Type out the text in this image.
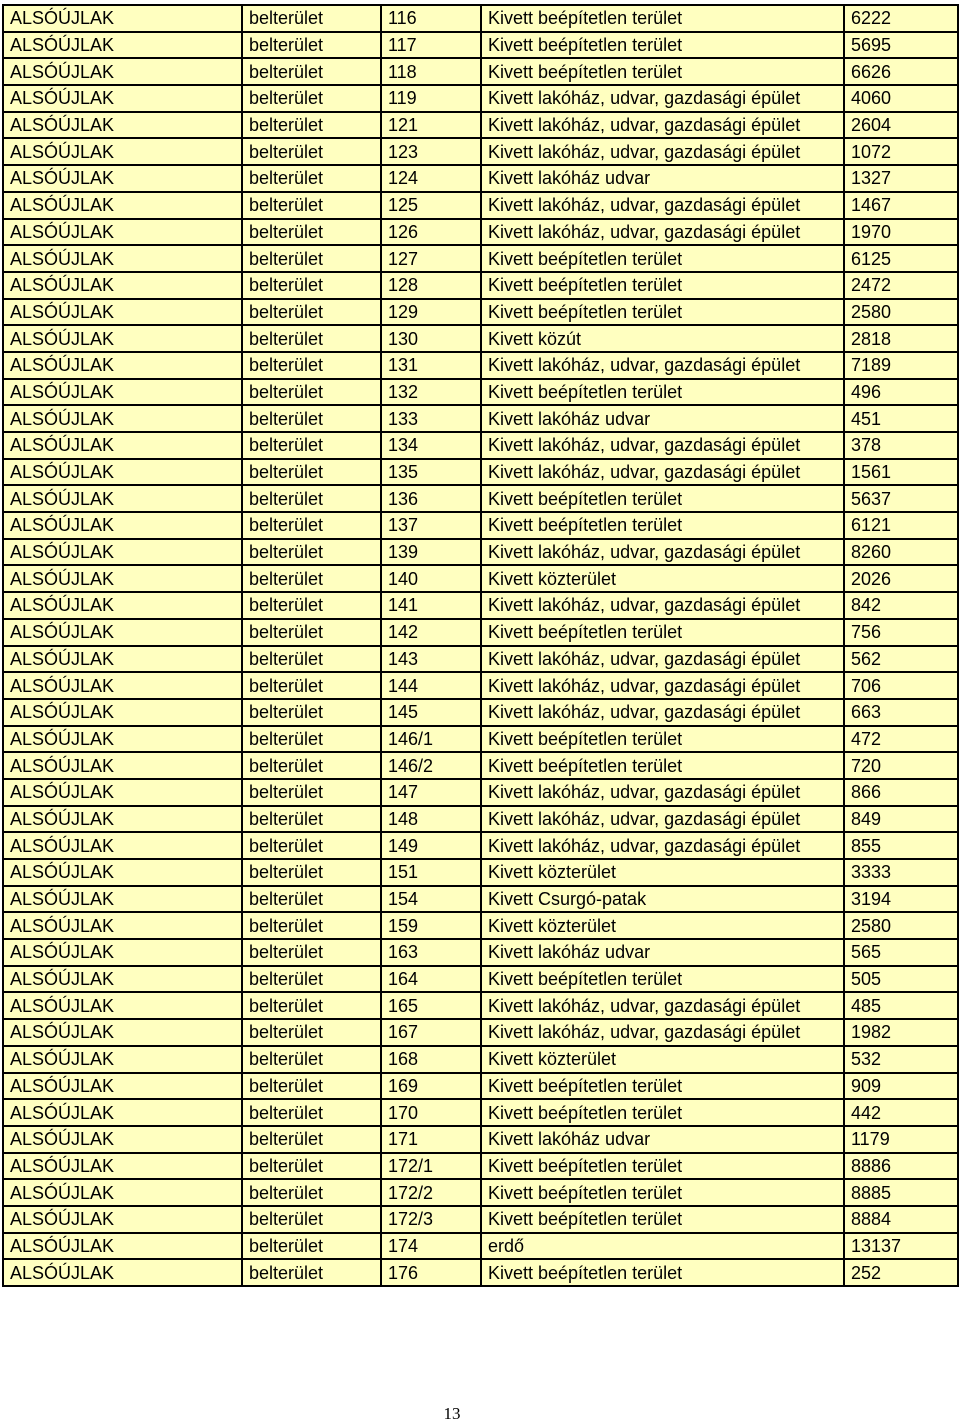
ALSÓÚJLAK	belterület	116	Kivett beépítetlen terület	6222
ALSÓÚJLAK	belterület	117	Kivett beépítetlen terület	5695
ALSÓÚJLAK	belterület	118	Kivett beépítetlen terület	6626
ALSÓÚJLAK	belterület	119	Kivett lakóház, udvar, gazdasági épület	4060
ALSÓÚJLAK	belterület	121	Kivett lakóház, udvar, gazdasági épület	2604
ALSÓÚJLAK	belterület	123	Kivett lakóház, udvar, gazdasági épület	1072
ALSÓÚJLAK	belterület	124	Kivett lakóház udvar	1327
ALSÓÚJLAK	belterület	125	Kivett lakóház, udvar, gazdasági épület	1467
ALSÓÚJLAK	belterület	126	Kivett lakóház, udvar, gazdasági épület	1970
ALSÓÚJLAK	belterület	127	Kivett beépítetlen terület	6125
ALSÓÚJLAK	belterület	128	Kivett beépítetlen terület	2472
ALSÓÚJLAK	belterület	129	Kivett beépítetlen terület	2580
ALSÓÚJLAK	belterület	130	Kivett közút	2818
ALSÓÚJLAK	belterület	131	Kivett lakóház, udvar, gazdasági épület	7189
ALSÓÚJLAK	belterület	132	Kivett beépítetlen terület	496
ALSÓÚJLAK	belterület	133	Kivett lakóház udvar	451
ALSÓÚJLAK	belterület	134	Kivett lakóház, udvar, gazdasági épület	378
ALSÓÚJLAK	belterület	135	Kivett lakóház, udvar, gazdasági épület	1561
ALSÓÚJLAK	belterület	136	Kivett beépítetlen terület	5637
ALSÓÚJLAK	belterület	137	Kivett beépítetlen terület	6121
ALSÓÚJLAK	belterület	139	Kivett lakóház, udvar, gazdasági épület	8260
ALSÓÚJLAK	belterület	140	Kivett közterület	2026
ALSÓÚJLAK	belterület	141	Kivett lakóház, udvar, gazdasági épület	842
ALSÓÚJLAK	belterület	142	Kivett beépítetlen terület	756
ALSÓÚJLAK	belterület	143	Kivett lakóház, udvar, gazdasági épület	562
ALSÓÚJLAK	belterület	144	Kivett lakóház, udvar, gazdasági épület	706
ALSÓÚJLAK	belterület	145	Kivett lakóház, udvar, gazdasági épület	663
ALSÓÚJLAK	belterület	146/1	Kivett beépítetlen terület	472
ALSÓÚJLAK	belterület	146/2	Kivett beépítetlen terület	720
ALSÓÚJLAK	belterület	147	Kivett lakóház, udvar, gazdasági épület	866
ALSÓÚJLAK	belterület	148	Kivett lakóház, udvar, gazdasági épület	849
ALSÓÚJLAK	belterület	149	Kivett lakóház, udvar, gazdasági épület	855
ALSÓÚJLAK	belterület	151	Kivett közterület	3333
ALSÓÚJLAK	belterület	154	Kivett Csurgó-patak	3194
ALSÓÚJLAK	belterület	159	Kivett közterület	2580
ALSÓÚJLAK	belterület	163	Kivett lakóház udvar	565
ALSÓÚJLAK	belterület	164	Kivett beépítetlen terület	505
ALSÓÚJLAK	belterület	165	Kivett lakóház, udvar, gazdasági épület	485
ALSÓÚJLAK	belterület	167	Kivett lakóház, udvar, gazdasági épület	1982
ALSÓÚJLAK	belterület	168	Kivett közterület	532
ALSÓÚJLAK	belterület	169	Kivett beépítetlen terület	909
ALSÓÚJLAK	belterület	170	Kivett beépítetlen terület	442
ALSÓÚJLAK	belterület	171	Kivett lakóház udvar	1179
ALSÓÚJLAK	belterület	172/1	Kivett beépítetlen terület	8886
ALSÓÚJLAK	belterület	172/2	Kivett beépítetlen terület	8885
ALSÓÚJLAK	belterület	172/3	Kivett beépítetlen terület	8884
ALSÓÚJLAK	belterület	174	erdő	13137
ALSÓÚJLAK	belterület	176	Kivett beépítetlen terület	252
13
